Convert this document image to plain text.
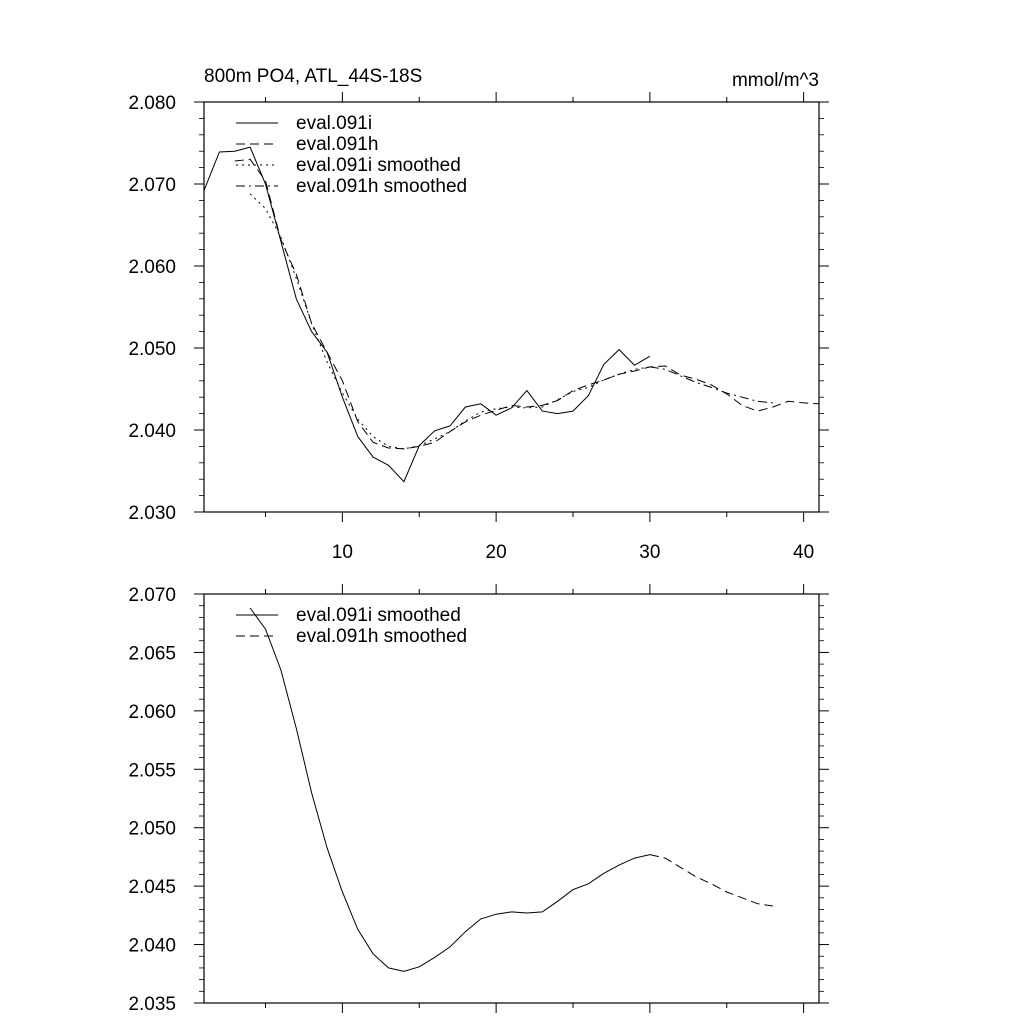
800m PO4, ATL_44S-18S	mmol/m^3
10	20	30	40
2.030
2.040
2.050
2.060
2.070
2.080
eval.091i
eval.091h
eval.091i smoothed
eval.091h smoothed
2.035
2.040
2.045
2.050
2.055
2.060
2.065
2.070
eval.091i smoothed
eval.091h smoothed
